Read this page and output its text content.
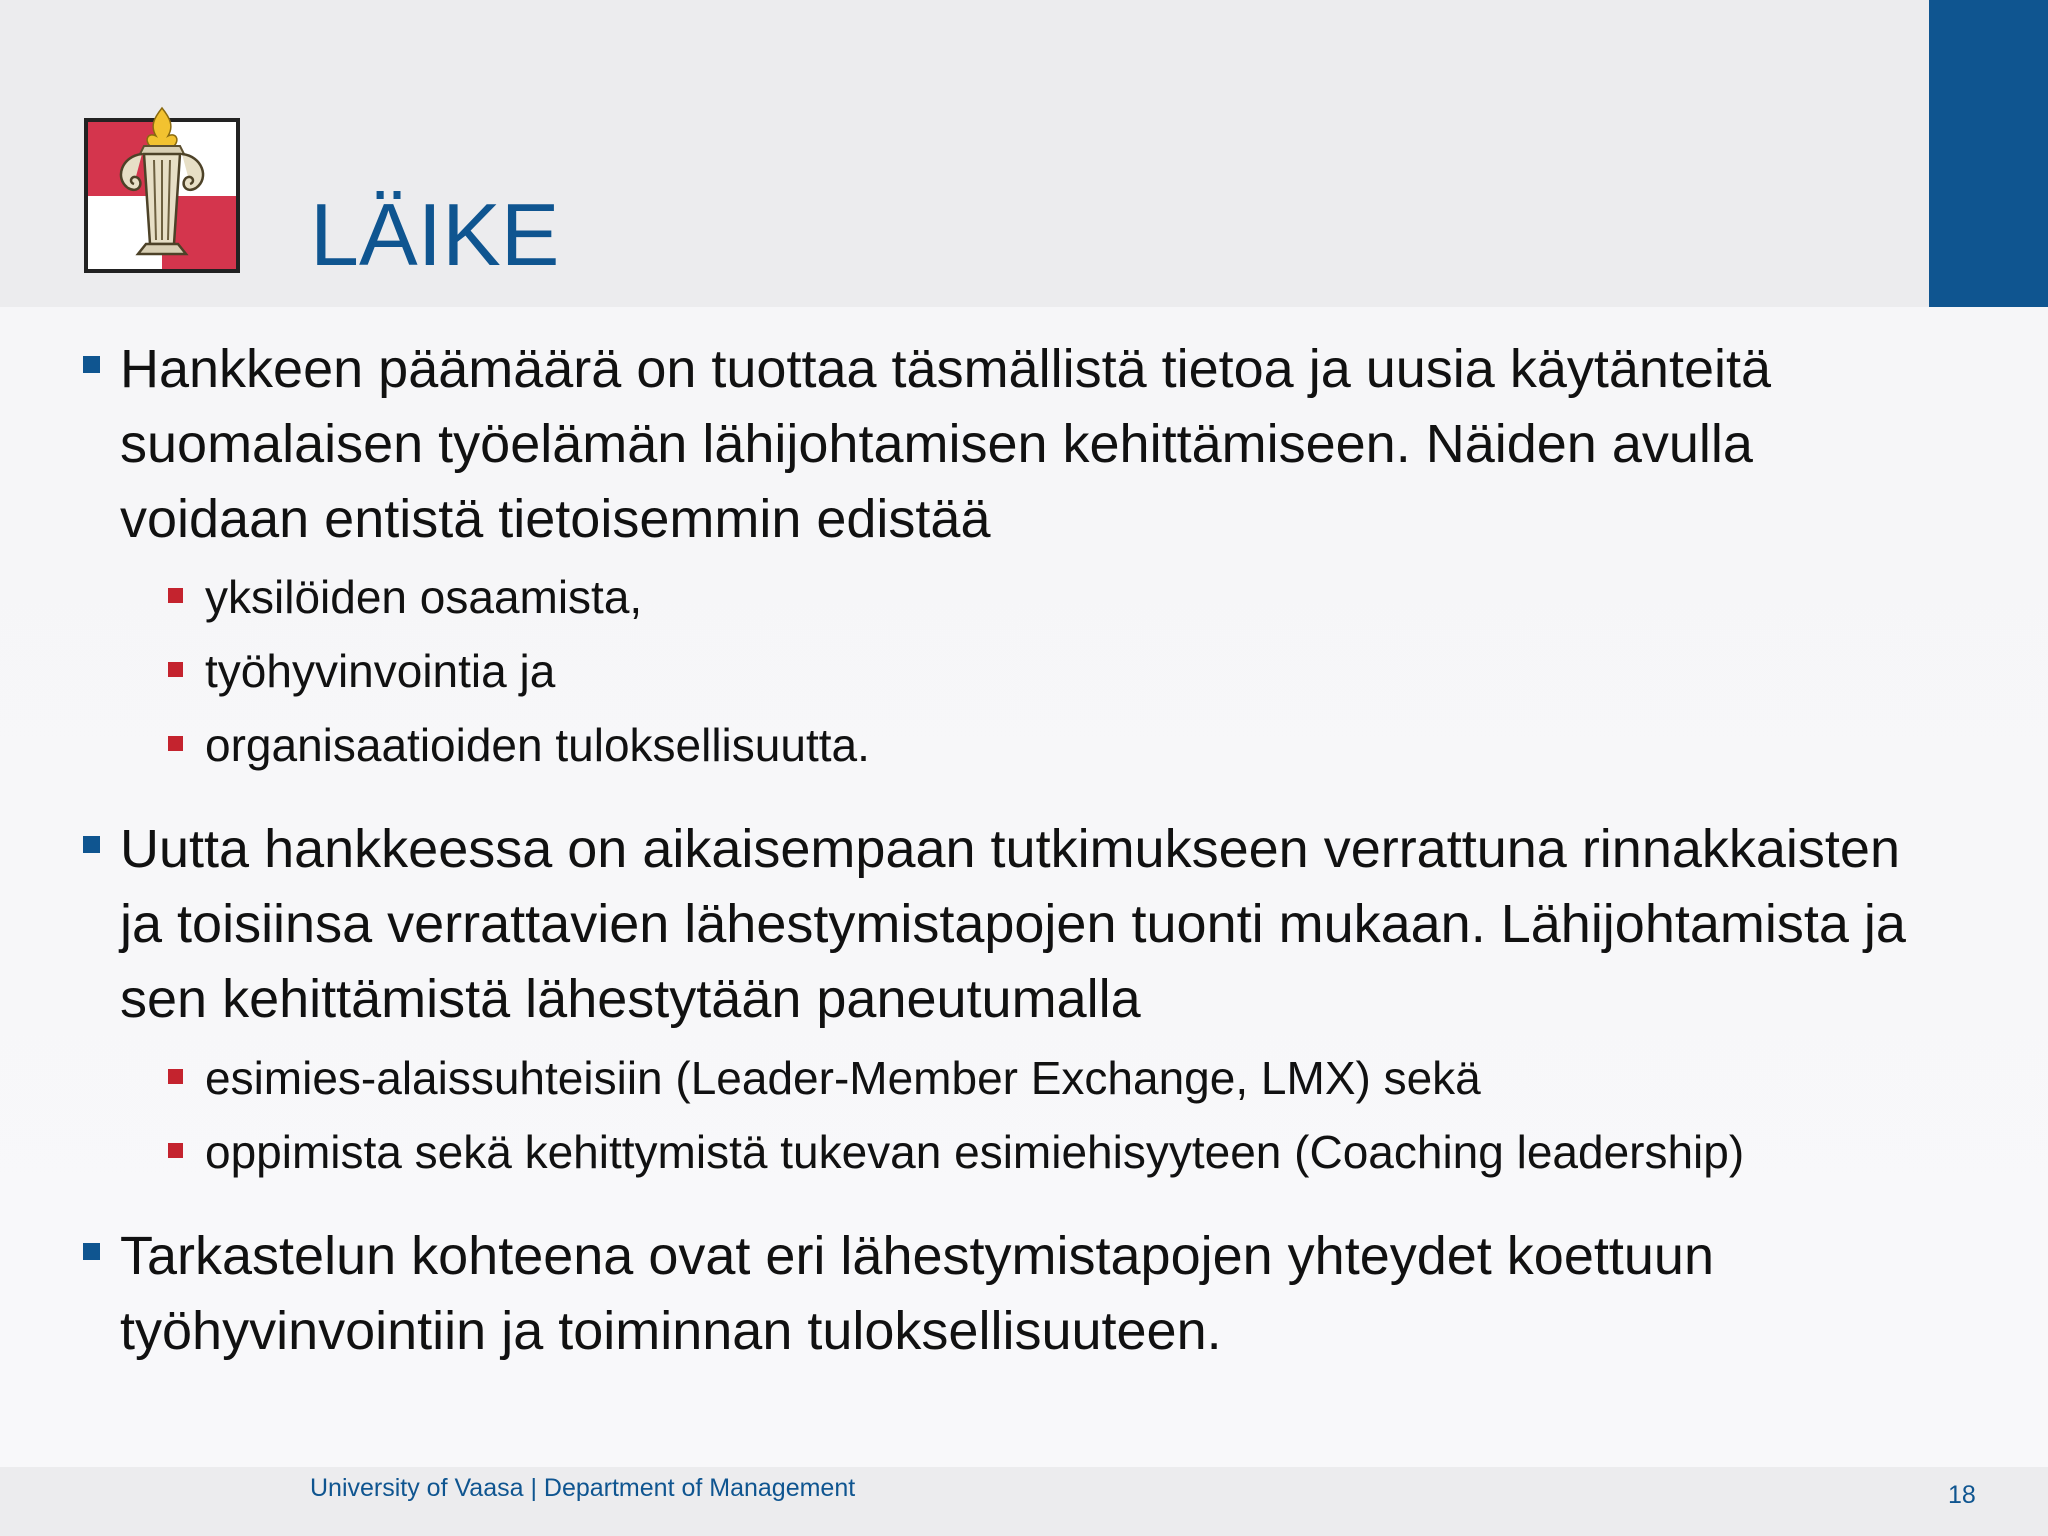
LÄIKE
Hankkeen päämäärä on tuottaa täsmällistä tietoa ja uusia käytänteitä
suomalaisen työelämän lähijohtamisen kehittämiseen. Näiden avulla
voidaan entistä tietoisemmin edistää
yksilöiden osaamista,
työhyvinvointia ja
organisaatioiden tuloksellisuutta.
Uutta hankkeessa on aikaisempaan tutkimukseen verrattuna rinnakkaisten
ja toisiinsa verrattavien lähestymistapojen tuonti mukaan. Lähijohtamista ja
sen kehittämistä lähestytään paneutumalla
esimies-alaissuhteisiin (Leader-Member Exchange, LMX) sekä
oppimista sekä kehittymistä tukevan esimiehisyyteen (Coaching leadership)
Tarkastelun kohteena ovat eri lähestymistapojen yhteydet koettuun
työhyvinvointiin ja toiminnan tuloksellisuuteen.
University of Vaasa | Department of Management	18
